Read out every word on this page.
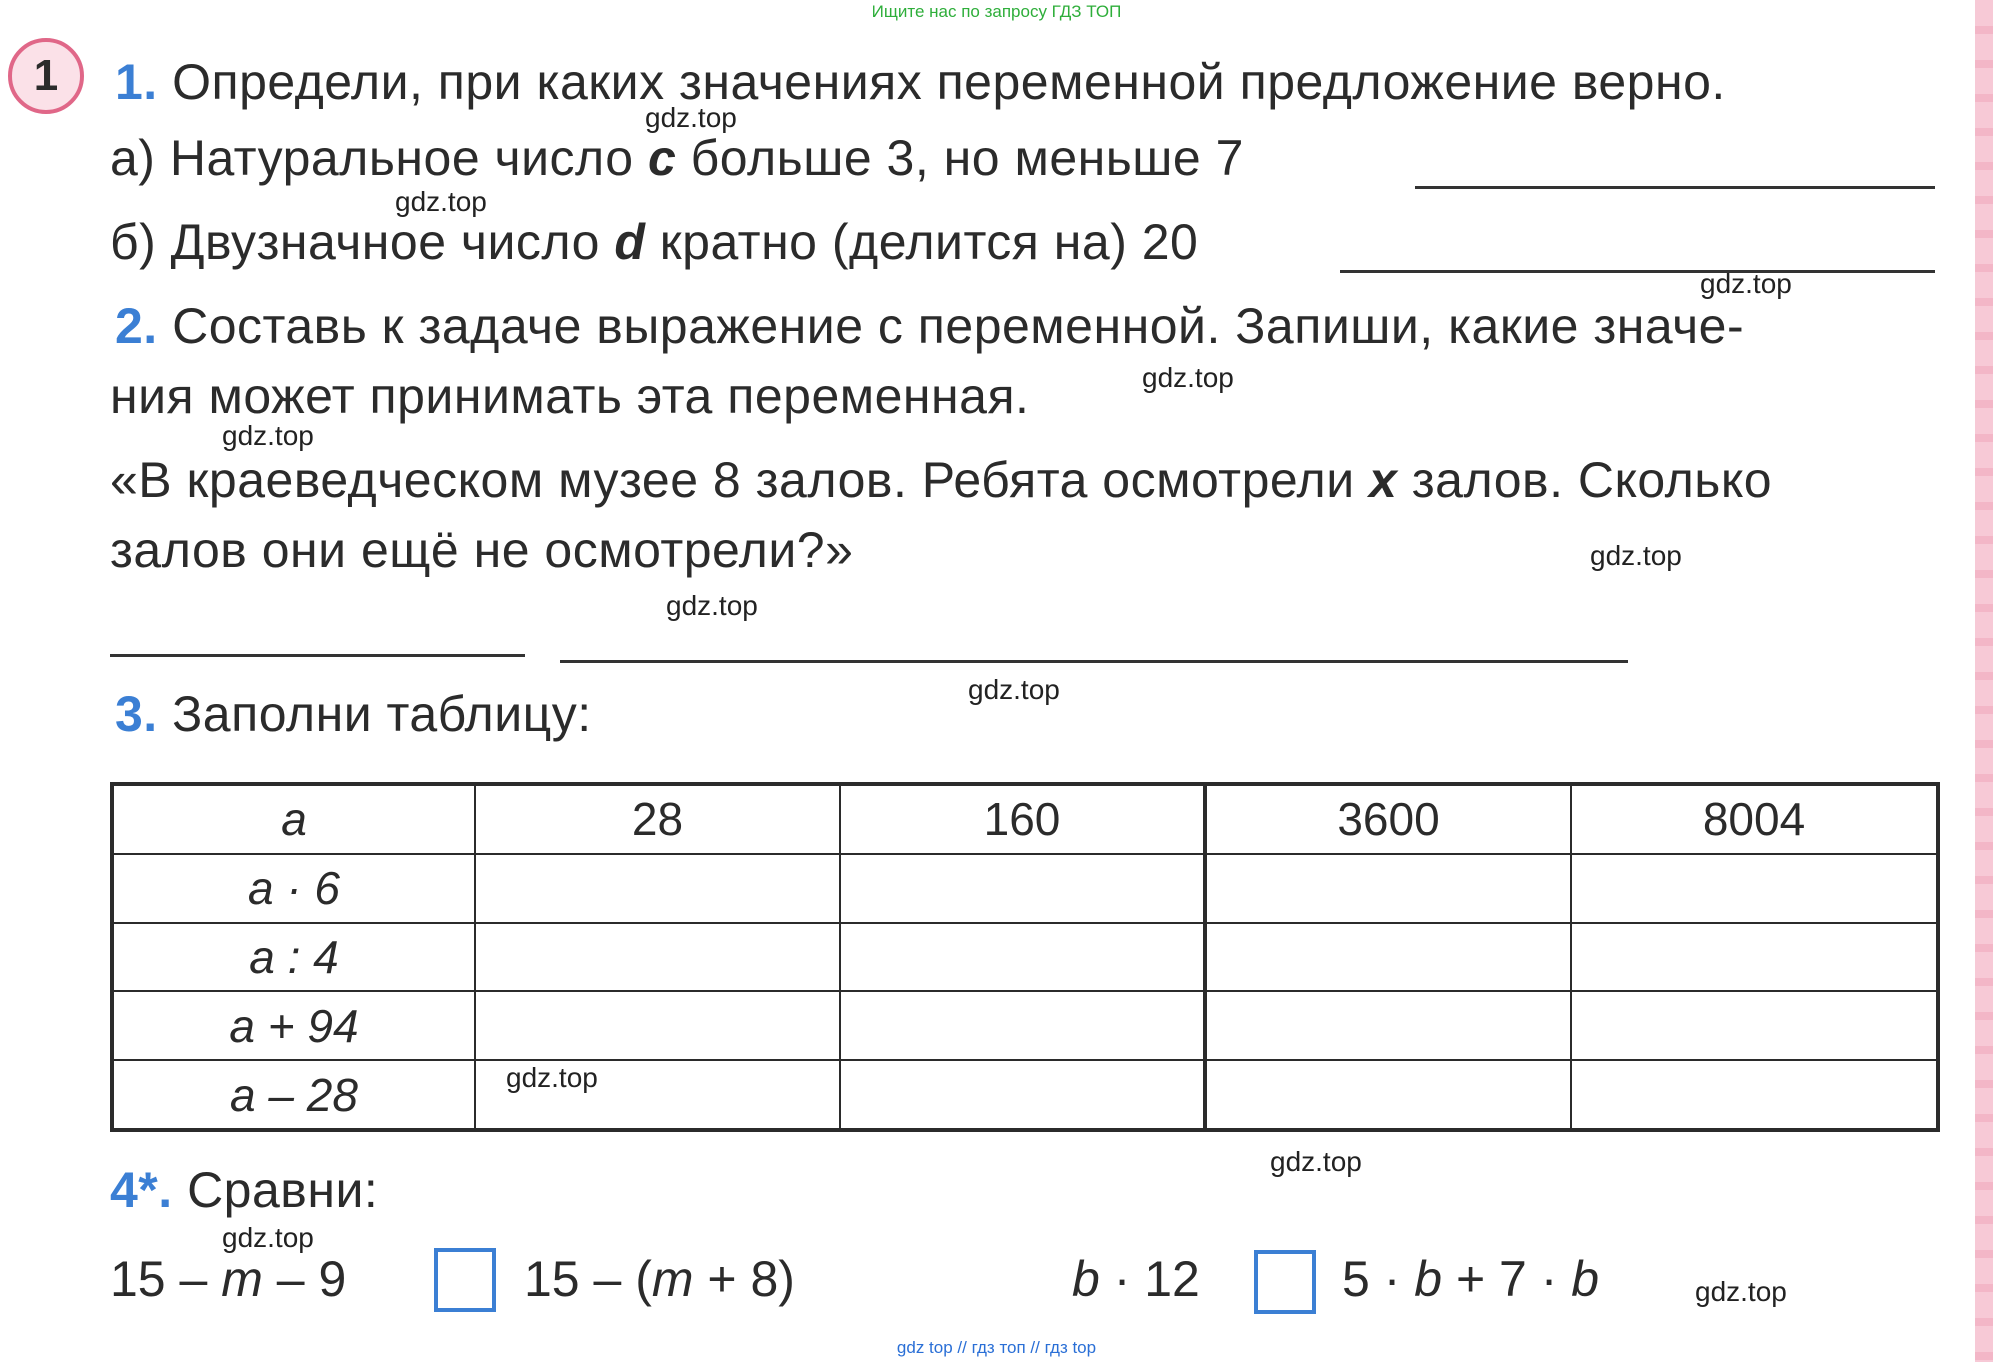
Ищите нас по запросу ГДЗ ТОП
1	1. Определи, при каких значениях переменной предложение верно.
а) Натуральное число c больше 3, но меньше 7
б) Двузначное число d кратно (делится на) 20
2. Составь к задаче выражение с переменной. Запиши, какие значе-
ния может принимать эта переменная.
«В краеведческом музее 8 залов. Ребята осмотрели x залов. Сколько
залов они ещё не осмотрели?»
3. Заполни таблицу:
a	28	160	3600	8004
a · 6				
a : 4				
a + 94				
a – 28				
4*. Сравни:
15 – m – 9	15 – (m + 8)	b · 12	5 · b + 7 · b
gdz.top
gdz.top
gdz.top
gdz.top
gdz.top
gdz.top
gdz.top
gdz.top
gdz.top
gdz.top
gdz.top
gdz.top
gdz top // гдз топ // гдз top
